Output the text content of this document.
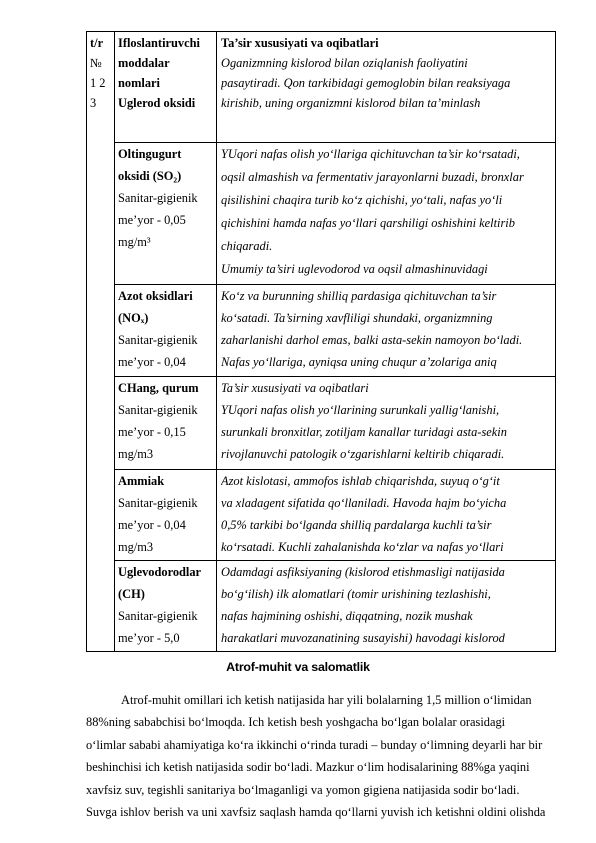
t/r
№
1 2
3
Ifloslantiruvchi
moddalar
nomlari
Uglerod oksidi
Ta’sir xususiyati va oqibatlari
Oganizmning kislorod bilan oziqlanish faoliyatini
pasaytiradi. Qon tarkibidagi gemoglobin bilan reaksiyaga
kirishib, uning organizmni kislorod bilan ta’minlash
Oltingugurt
oksidi (SO₂)
Sanitar-gigienik
me’yor - 0,05
mg/m³
YUqori nafas olish yo‘llariga qichituvchan ta’sir ko‘rsatadi,
oqsil almashish va fermentativ jarayonlarni buzadi, bronxlar
qisilishini chaqira turib ko‘z qichishi, yo‘tali, nafas yo‘li
qichishini hamda nafas yo‘llari qarshiligi oshishini keltirib
chiqaradi.
Umumiy ta’siri uglevodorod va oqsil almashinuvidagi
Azot oksidlari
(NOₓ)
Sanitar-gigienik
me’yor - 0,04
Ko‘z va burunning shilliq pardasiga qichituvchan ta’sir
ko‘satadi. Ta’sirning xavfliligi shundaki, organizmning
zaharlanishi darhol emas, balki asta-sekin namoyon bo‘ladi.
Nafas yo‘llariga, ayniqsa uning chuqur a’zolariga aniq
CHang, qurum
Sanitar-gigienik
me’yor - 0,15
mg/m3
Ta’sir xususiyati va oqibatlari
YUqori nafas olish yo‘llarining surunkali yallig‘lanishi,
surunkali bronxitlar, zotiljam kanallar turidagi asta-sekin
rivojlanuvchi patologik o‘zgarishlarni keltirib chiqaradi.
Ammiak
Sanitar-gigienik
me’yor - 0,04
mg/m3
Azot kislotasi, ammofos ishlab chiqarishda, suyuq o‘g‘it
va xladagent sifatida qo‘llaniladi. Havoda hajm bo‘yicha
0,5% tarkibi bo‘lganda shilliq pardalarga kuchli ta’sir
ko‘rsatadi. Kuchli zahalanishda ko‘zlar va nafas yo‘llari
Uglevodorodlar
(CH)
Sanitar-gigienik
me’yor - 5,0
Odamdagi asfiksiyaning (kislorod etishmasligi natijasida
bo‘g‘ilish) ilk alomatlari (tomir urishining tezlashishi,
nafas hajmining oshishi, diqqatning, nozik mushak
harakatlari muvozanatining susayishi) havodagi kislorod
Atrof-muhit va salomatlik
Atrof-muhit omillari ich ketish natijasida har yili bolalarning 1,5 million o‘limidan
88%ning sababchisi bo‘lmoqda. Ich ketish besh yoshgacha bo‘lgan bolalar orasidagi
o‘limlar sababi ahamiyatiga ko‘ra ikkinchi o‘rinda turadi – bunday o‘limning deyarli har bir
beshinchisi ich ketish natijasida sodir bo‘ladi. Mazkur o‘lim hodisalarining 88%ga yaqini
xavfsiz suv, tegishli sanitariya bo‘lmaganligi va yomon gigiena natijasida sodir bo‘ladi.
Suvga ishlov berish va uni xavfsiz saqlash hamda qo‘llarni yuvish ich ketishni oldini olishda
